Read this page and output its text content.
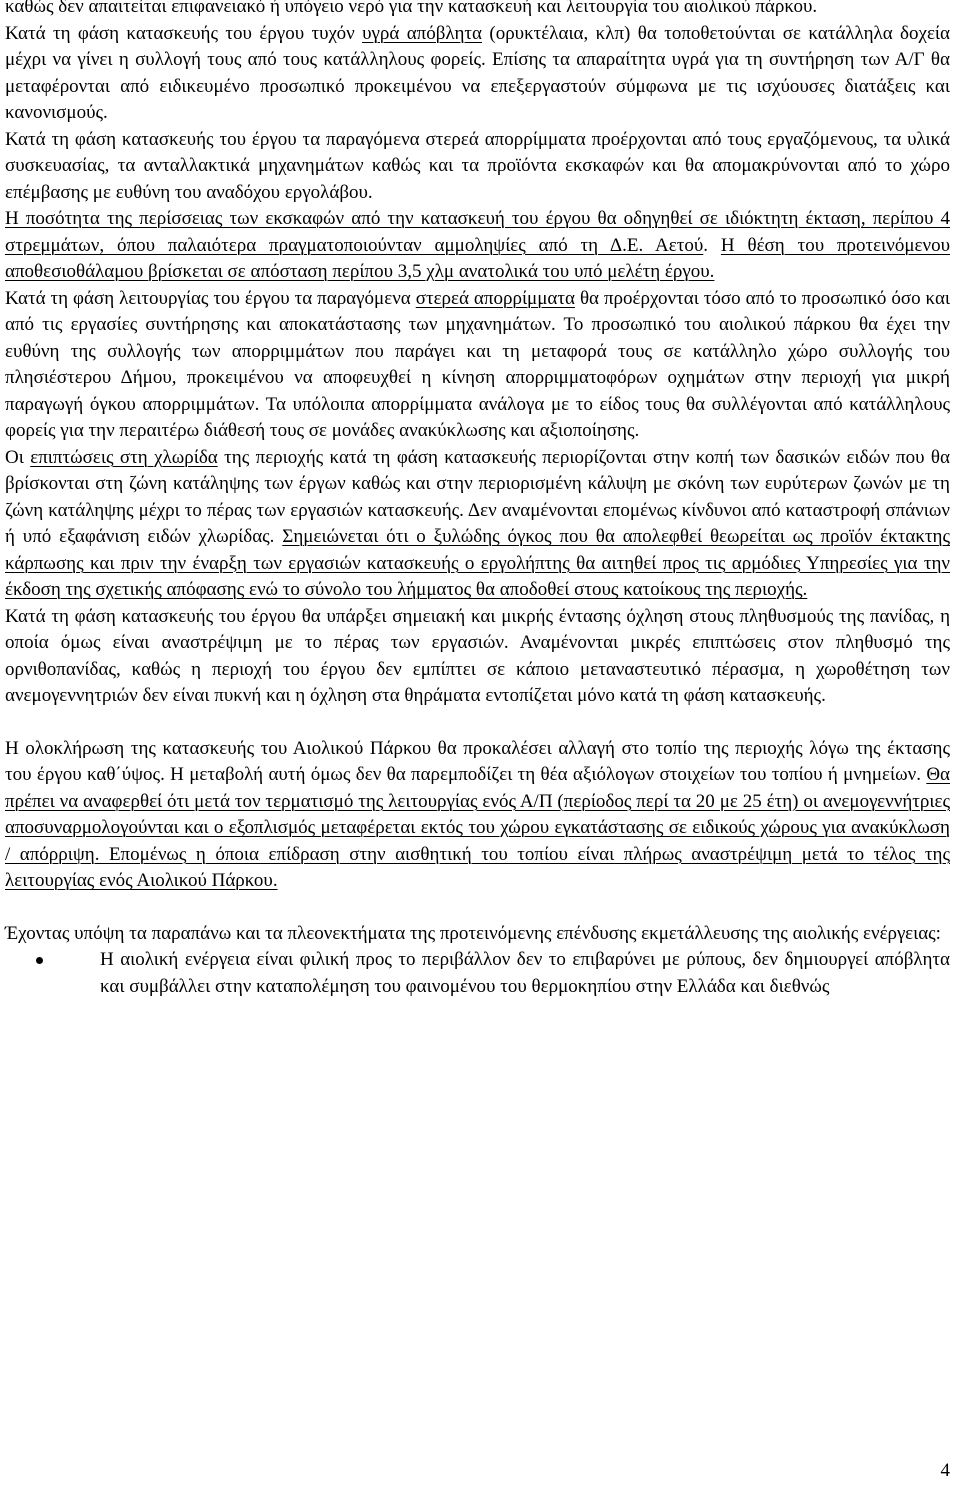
καθώς δεν απαιτείται επιφανειακό ή υπόγειο νερό για την κατασκευή και λειτουργία του αιολικού πάρκου.

Κατά τη φάση κατασκευής του έργου τυχόν υγρά απόβλητα (ορυκτέλαια, κλπ) θα τοποθετούνται σε κατάλληλα δοχεία μέχρι να γίνει η συλλογή τους από τους κατάλληλους φορείς. Επίσης τα απαραίτητα υγρά για τη συντήρηση των Α/Γ θα μεταφέρονται από ειδικευμένο προσωπικό προκειμένου να επεξεργαστούν σύμφωνα με τις ισχύουσες διατάξεις και κανονισμούς.

Κατά τη φάση κατασκευής του έργου τα παραγόμενα στερεά απορρίμματα προέρχονται από τους εργαζόμενους, τα υλικά συσκευασίας, τα ανταλλακτικά μηχανημάτων καθώς και τα προϊόντα εκσκαφών και θα απομακρύνονται από το χώρο επέμβασης με ευθύνη του αναδόχου εργολάβου.

Η ποσότητα της περίσσειας των εκσκαφών από την κατασκευή του έργου θα οδηγηθεί σε ιδιόκτητη έκταση, περίπου 4 στρεμμάτων, όπου παλαιότερα πραγματοποιούνταν αμμοληψίες από τη Δ.Ε. Αετού. Η θέση του προτεινόμενου αποθεσιοθάλαμου βρίσκεται σε απόσταση περίπου 3,5 χλμ ανατολικά του υπό μελέτη έργου.

Κατά τη φάση λειτουργίας του έργου τα παραγόμενα στερεά απορρίμματα θα προέρχονται τόσο από το προσωπικό όσο και από τις εργασίες συντήρησης και αποκατάστασης των μηχανημάτων. Το προσωπικό του αιολικού πάρκου θα έχει την ευθύνη της συλλογής των απορριμμάτων που παράγει και τη μεταφορά τους σε κατάλληλο χώρο συλλογής του πλησιέστερου Δήμου, προκειμένου να αποφευχθεί η κίνηση απορριμματοφόρων οχημάτων στην περιοχή για μικρή παραγωγή όγκου απορριμμάτων. Τα υπόλοιπα απορρίμματα ανάλογα με το είδος τους θα συλλέγονται από κατάλληλους φορείς για την περαιτέρω διάθεσή τους σε μονάδες ανακύκλωσης και αξιοποίησης.

Οι επιπτώσεις στη χλωρίδα της περιοχής κατά τη φάση κατασκευής περιορίζονται στην κοπή των δασικών ειδών που θα βρίσκονται στη ζώνη κατάληψης των έργων καθώς και στην περιορισμένη κάλυψη με σκόνη των ευρύτερων ζωνών με τη ζώνη κατάληψης μέχρι το πέρας των εργασιών κατασκευής. Δεν αναμένονται επομένως κίνδυνοι από καταστροφή σπάνιων ή υπό εξαφάνιση ειδών χλωρίδας. Σημειώνεται ότι ο ξυλώδης όγκος που θα απολεφθεί θεωρείται ως προϊόν έκτακτης κάρπωσης και πριν την έναρξη των εργασιών κατασκευής ο εργολήπτης θα αιτηθεί προς τις αρμόδιες Υπηρεσίες για την έκδοση της σχετικής απόφασης ενώ το σύνολο του λήμματος θα αποδοθεί στους κατοίκους της περιοχής.

Κατά τη φάση κατασκευής του έργου θα υπάρξει σημειακή και μικρής έντασης όχληση στους πληθυσμούς της πανίδας, η οποία όμως είναι αναστρέψιμη με το πέρας των εργασιών. Αναμένονται μικρές επιπτώσεις στον πληθυσμό της ορνιθοπανίδας, καθώς η περιοχή του έργου δεν εμπίπτει σε κάποιο μεταναστευτικό πέρασμα, η χωροθέτηση των ανεμογεννητριών δεν είναι πυκνή και η όχληση στα θηράματα εντοπίζεται μόνο κατά τη φάση κατασκευής.

Η ολοκλήρωση της κατασκευής του Αιολικού Πάρκου θα προκαλέσει αλλαγή στο τοπίο της περιοχής λόγω της έκτασης του έργου καθ΄ύψος. Η μεταβολή αυτή όμως δεν θα παρεμποδίζει τη θέα αξιόλογων στοιχείων του τοπίου ή μνημείων. Θα πρέπει να αναφερθεί ότι μετά τον τερματισμό της λειτουργίας ενός Α/Π (περίοδος περί τα 20 με 25 έτη) οι ανεμογεννήτριες αποσυναρμολογούνται και ο εξοπλισμός μεταφέρεται εκτός του χώρου εγκατάστασης σε ειδικούς χώρους για ανακύκλωση / απόρριψη. Επομένως η όποια επίδραση στην αισθητική του τοπίου είναι πλήρως αναστρέψιμη μετά το τέλος της λειτουργίας ενός Αιολικού Πάρκου.

Έχοντας υπόψη τα παραπάνω και τα πλεονεκτήματα της προτεινόμενης επένδυσης εκμετάλλευσης της αιολικής ενέργειας:

Η αιολική ενέργεια είναι φιλική προς το περιβάλλον δεν το επιβαρύνει με ρύπους, δεν δημιουργεί απόβλητα και συμβάλλει στην καταπολέμηση του φαινομένου του θερμοκηπίου στην Ελλάδα και διεθνώς
4
